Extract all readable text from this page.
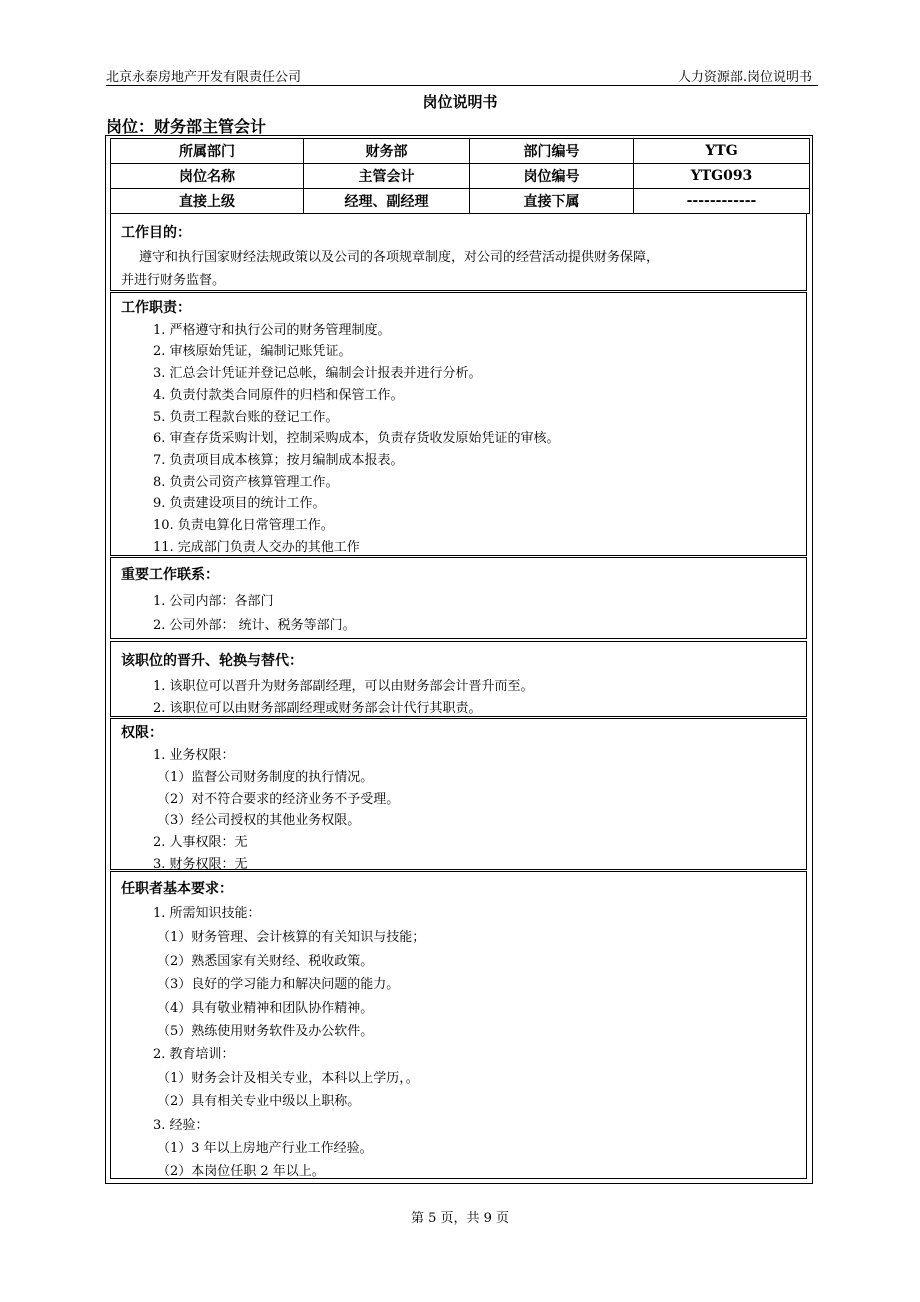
北京永泰房地产开发有限责任公司	人力资源部.岗位说明书
岗位说明书
岗位：财务部主管会计
所属部门	财务部	部门编号	YTG
岗位名称	主管会计	岗位编号	YTG093
直接上级	经理、副经理	直接下属	------------
工作目的：
遵守和执行国家财经法规政策以及公司的各项规章制度，对公司的经营活动提供财务保障，
并进行财务监督。
工作职责：
1. 严格遵守和执行公司的财务管理制度。
2. 审核原始凭证，编制记账凭证。
3. 汇总会计凭证并登记总帐，编制会计报表并进行分析。
4. 负责付款类合同原件的归档和保管工作。
5. 负责工程款台账的登记工作。
6. 审查存货采购计划，控制采购成本，负责存货收发原始凭证的审核。
7. 负责项目成本核算；按月编制成本报表。
8. 负责公司资产核算管理工作。
9. 负责建设项目的统计工作。
10. 负责电算化日常管理工作。
11. 完成部门负责人交办的其他工作
重要工作联系：
1. 公司内部：各部门
2. 公司外部： 统计、税务等部门。
该职位的晋升、轮换与替代：
1. 该职位可以晋升为财务部副经理，可以由财务部会计晋升而至。
2. 该职位可以由财务部副经理或财务部会计代行其职责。
权限：
1. 业务权限：
（1）监督公司财务制度的执行情况。
（2）对不符合要求的经济业务不予受理。
（3）经公司授权的其他业务权限。
2. 人事权限：无
3. 财务权限：无
任职者基本要求：
1. 所需知识技能：
（1）财务管理、会计核算的有关知识与技能；
（2）熟悉国家有关财经、税收政策。
（3）良好的学习能力和解决问题的能力。
（4）具有敬业精神和团队协作精神。
（5）熟练使用财务软件及办公软件。
2. 教育培训：
（1）财务会计及相关专业，本科以上学历，。
（2）具有相关专业中级以上职称。
3. 经验：
（1）3 年以上房地产行业工作经验。
（2）本岗位任职 2 年以上。
第 5 页，共 9 页
